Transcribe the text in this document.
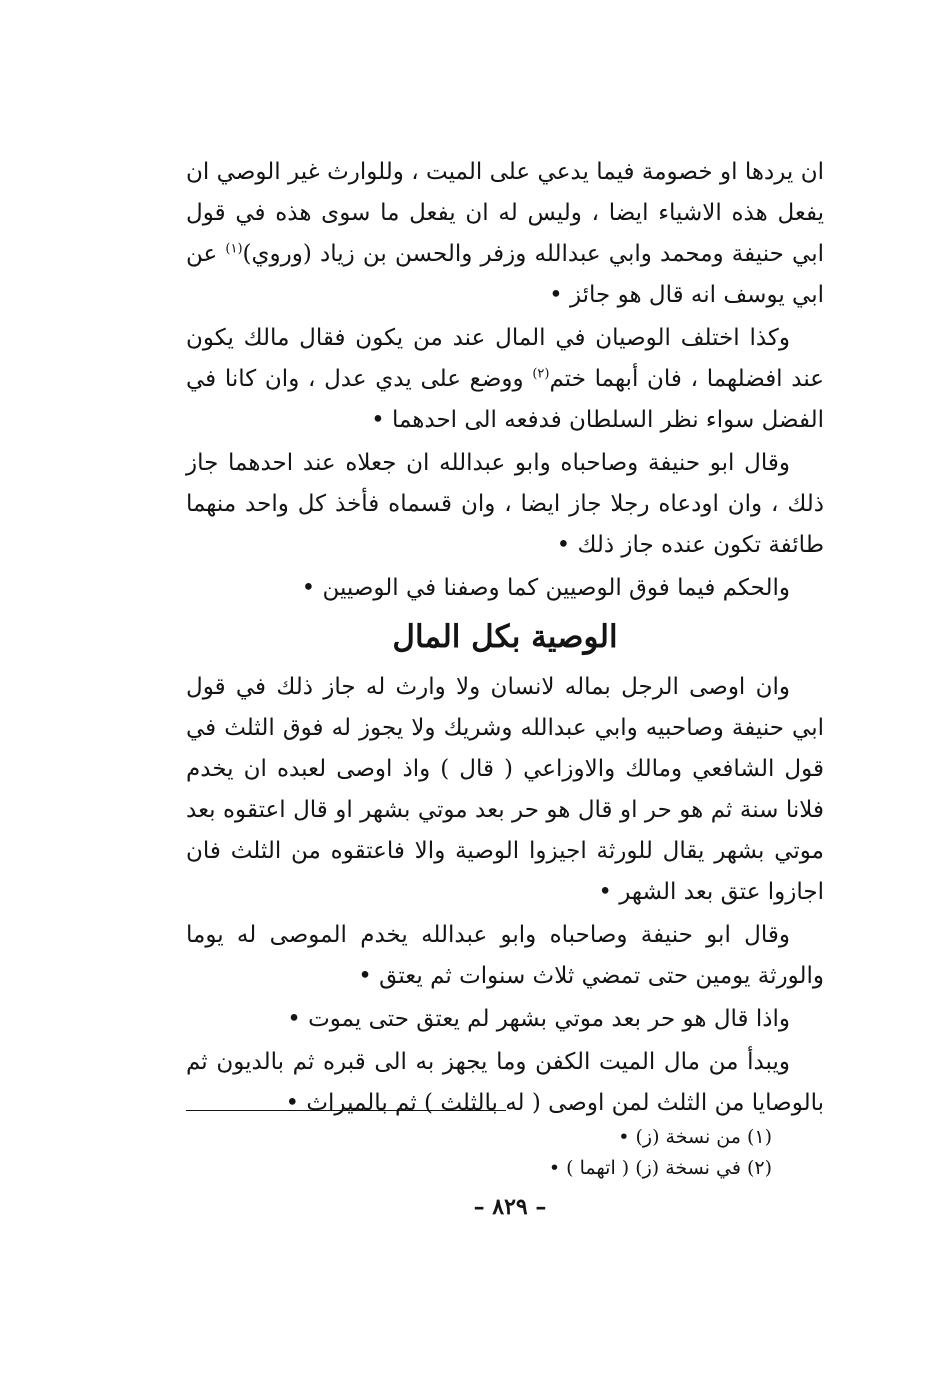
ان يردها او خصومة فيما يدعي على الميت ، وللوارث غير الوصي ان يفعل هذه الاشياء ايضا ، وليس له ان يفعل ما سوى هذه في قول ابي حنيفة ومحمد وابي عبدالله وزفر والحسن بن زياد (وروي)$^{(١)}$ عن ابي يوسف انه قال هو جائز •

وكذا اختلف الوصيان في المال عند من يكون فقال مالك يكون عند افضلهما ، فان أبهما ختم$^{(٢)}$ ووضع على يدي عدل ، وان كانا في الفضل سواء نظر السلطان فدفعه الى احدهما •

وقال ابو حنيفة وصاحباه وابو عبدالله ان جعلاه عند احدهما جاز ذلك ، وان اودعاه رجلا جاز ايضا ، وان قسماه فأخذ كل واحد منهما طائفة تكون عنده جاز ذلك •

والحكم فيما فوق الوصيين كما وصفنا في الوصيين •

الوصية بكل المال

وان اوصى الرجل بماله لانسان ولا وارث له جاز ذلك في قول ابي حنيفة وصاحبيه وابي عبدالله وشريك ولا يجوز له فوق الثلث في قول الشافعي ومالك والاوزاعي ( قال ) واذ اوصى لعبده ان يخدم فلانا سنة ثم هو حر او قال هو حر بعد موتي بشهر او قال اعتقوه بعد موتي بشهر يقال للورثة اجيزوا الوصية والا فاعتقوه من الثلث فان اجازوا عتق بعد الشهر •

وقال ابو حنيفة وصاحباه وابو عبدالله يخدم الموصى له يوما والورثة يومين حتى تمضي ثلاث سنوات ثم يعتق •

واذا قال هو حر بعد موتي بشهر لم يعتق حتى يموت •

ويبدأ من مال الميت الكفن وما يجهز به الى قبره ثم بالديون ثم بالوصايا من الثلث لمن اوصى ( له بالثلث ) ثم بالميراث •

(١) من نسخة (ز) •

(٢) في نسخة (ز) ( اتهما ) •

– ٨٢٩ –
